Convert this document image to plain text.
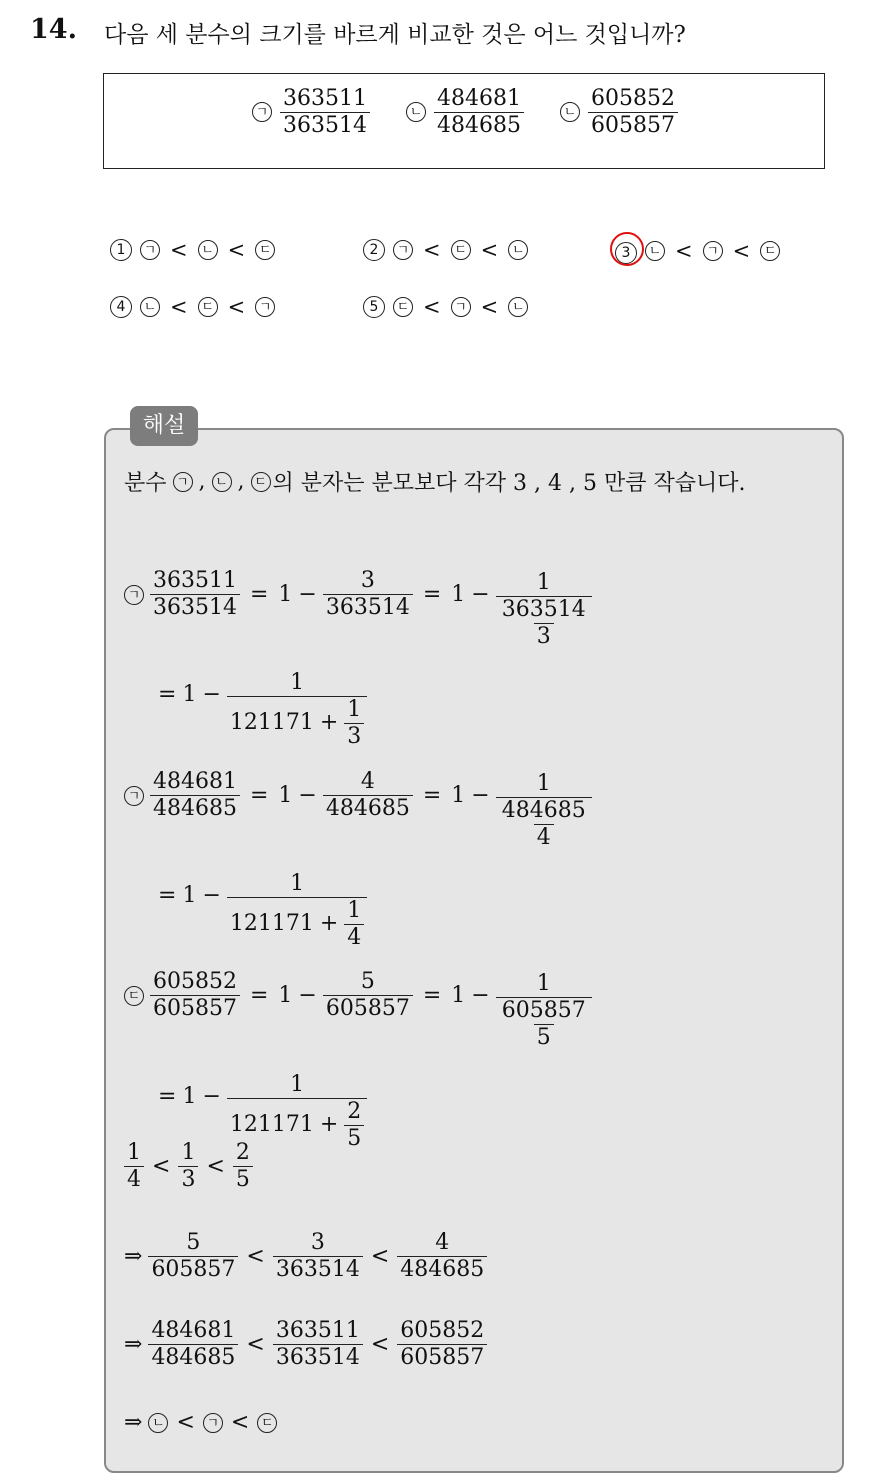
14. 다음 세 분수의 크기를 바르게 비교한 것은 어느 것입니까?
ㄱ $\frac{363511}{363514}$	ㄴ $\frac{484681}{484685}$	ㄴ $\frac{605852}{605857}$
1	ㄱ < ㄴ < ㄷ	2	ㄱ < ㄷ < ㄴ	3	ㄴ < ㄱ < ㄷ
4	ㄴ < ㄷ < ㄱ	5	ㄷ < ㄱ < ㄴ
해설
분수 ㄱ , ㄴ , ㄷ 의 분자는 분모보다 각각 3 , 4 , 5 만큼 작습니다.
ㄱ $\frac{363511}{363514} = 1 - \frac{3}{363514} = 1 - \frac{1}{\frac{363514}{3}}$
= $1 - \frac{1}{121171 + \frac{1}{3}}$
ㄱ $\frac{484681}{484685} = 1 - \frac{4}{484685} = 1 - \frac{1}{\frac{484685}{4}}$
= $1 - \frac{1}{121171 + \frac{1}{4}}$
ㄷ $\frac{605852}{605857} = 1 - \frac{5}{605857} = 1 - \frac{1}{\frac{605857}{5}}$
= $1 - \frac{1}{121171 + \frac{2}{5}}$
$\frac{1}{4} < \frac{1}{3} < \frac{2}{5}$
⇒ $\frac{5}{605857} < \frac{3}{363514} < \frac{4}{484685}$
⇒ $\frac{484681}{484685} < \frac{363511}{363514} < \frac{605852}{605857}$
⇒ ㄴ < ㄱ < ㄷ
